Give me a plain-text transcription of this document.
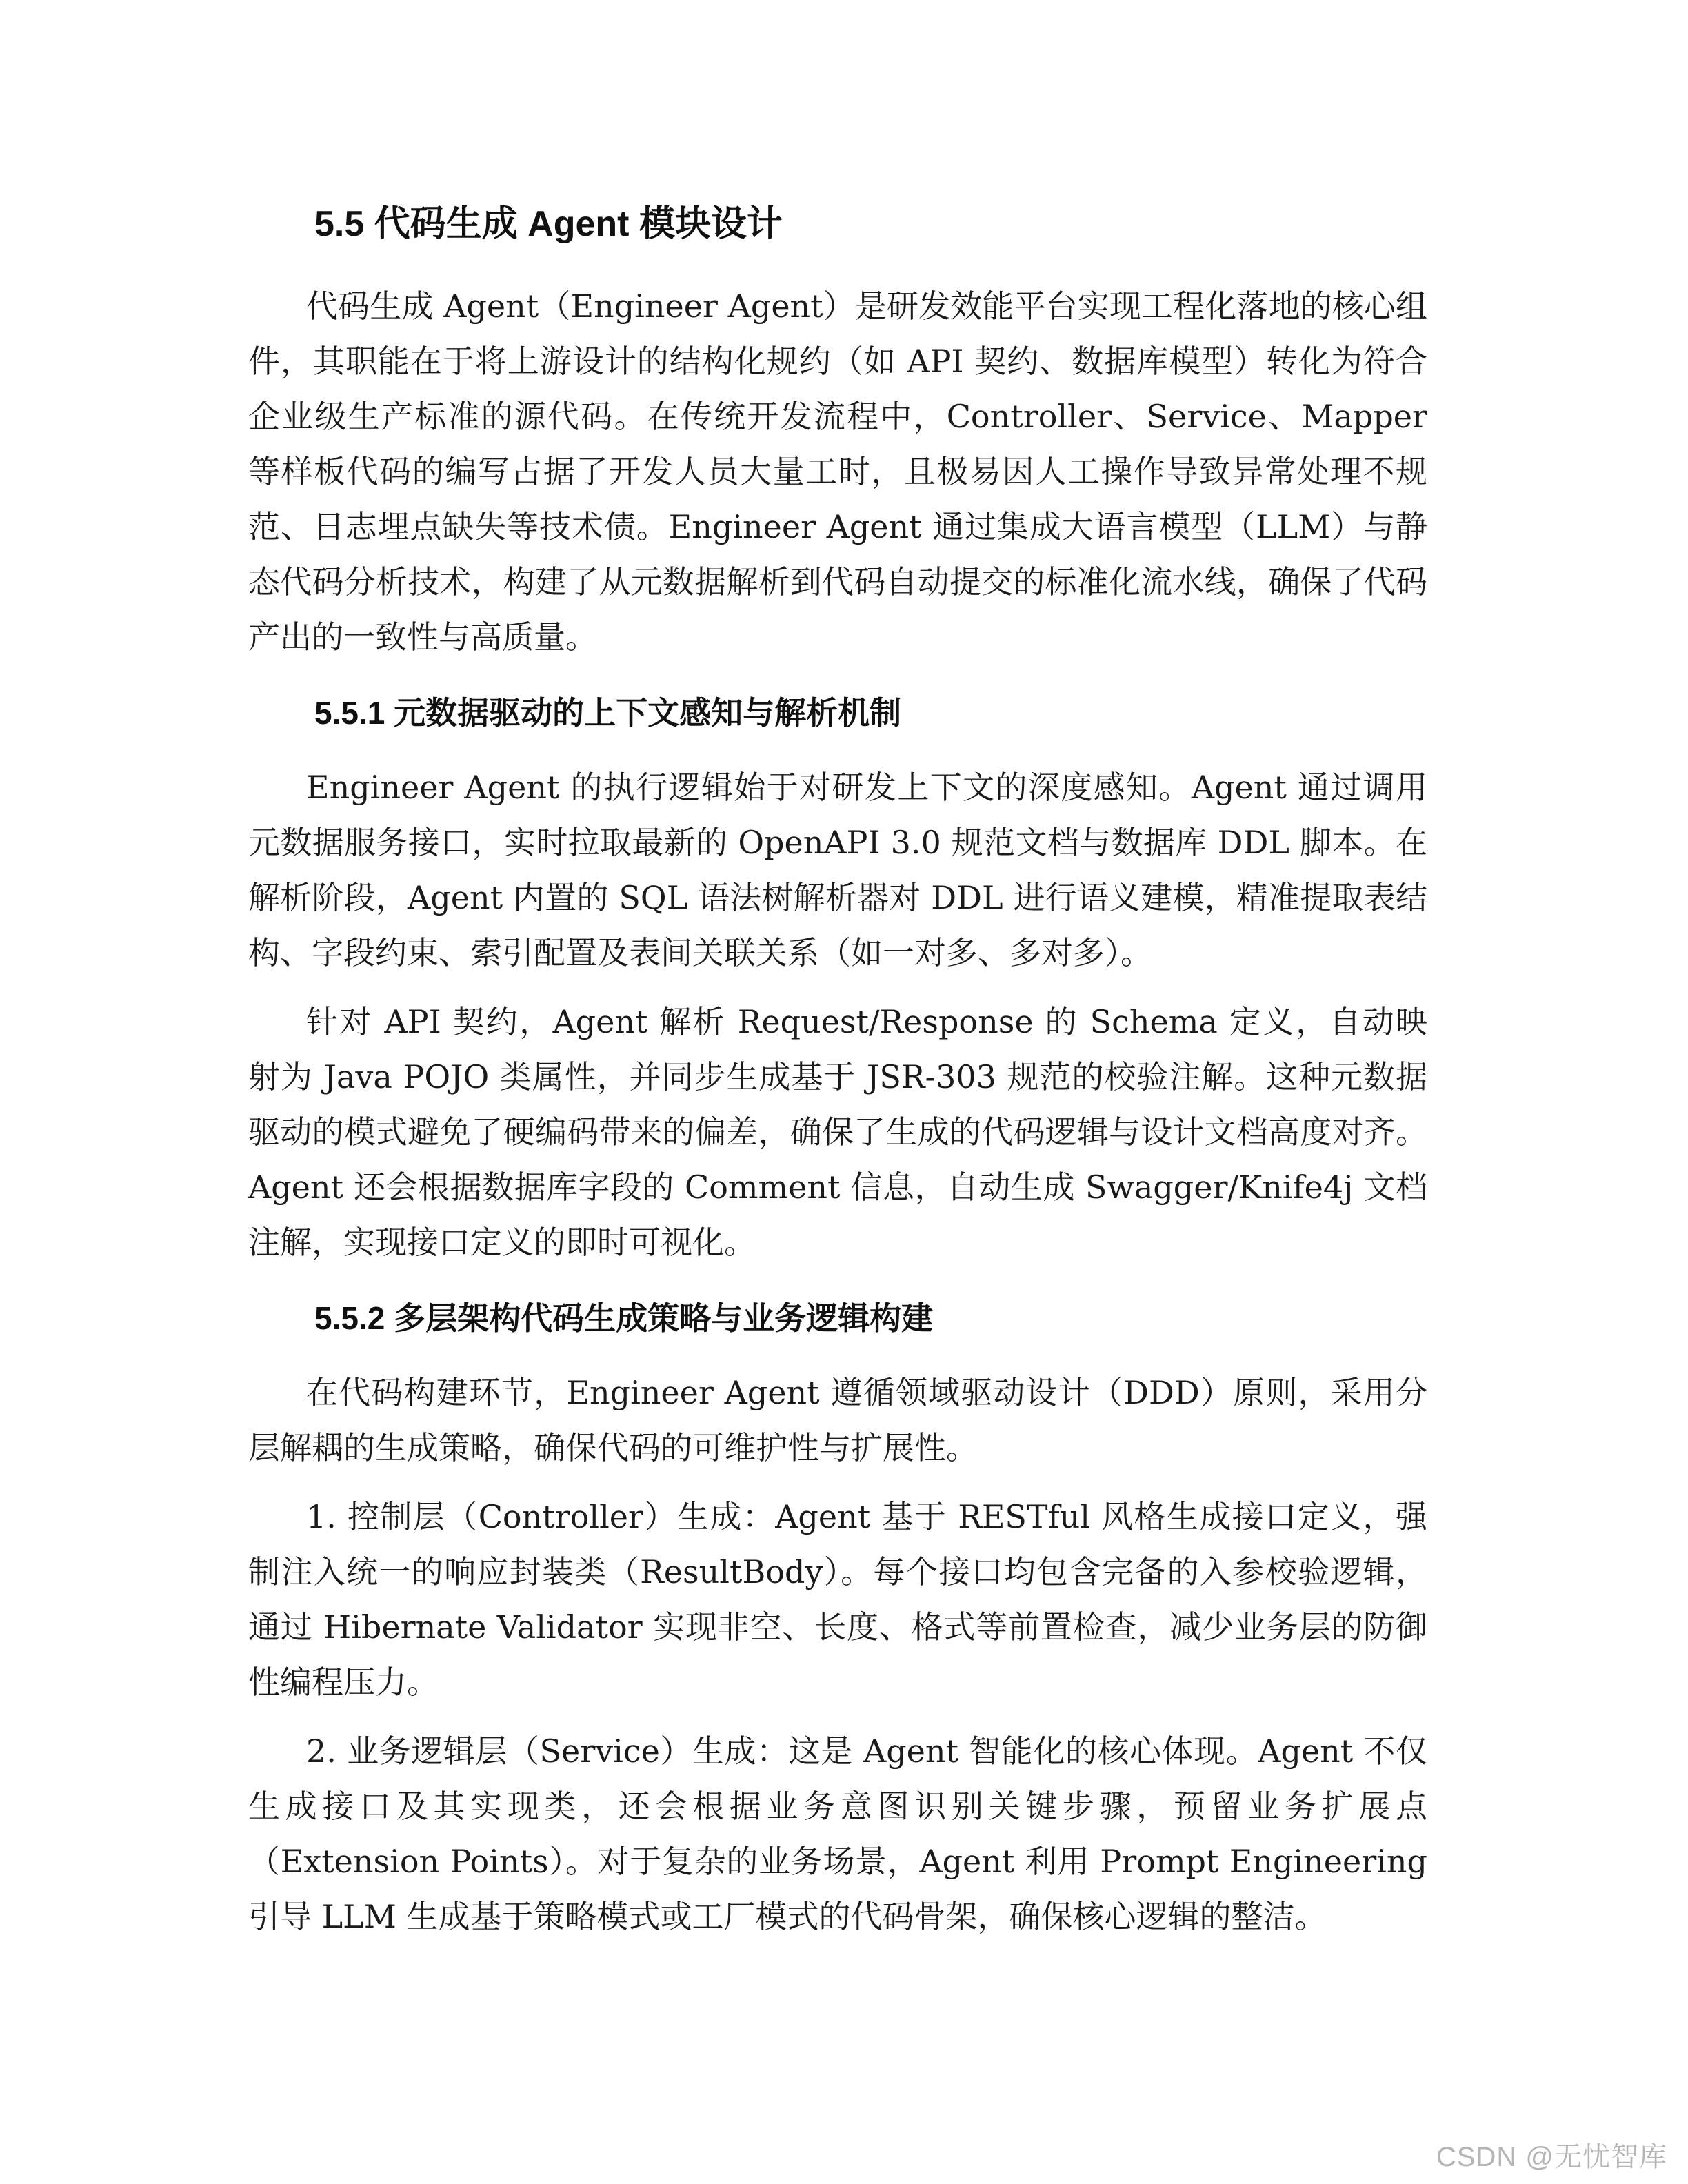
5.5 代码生成 Agent 模块设计

代码生成 Agent（Engineer Agent）是研发效能平台实现工程化落地的核心组件，其职能在于将上游设计的结构化规约（如 API 契约、数据库模型）转化为符合企业级生产标准的源代码。在传统开发流程中，Controller、Service、Mapper 等样板代码的编写占据了开发人员大量工时，且极易因人工操作导致异常处理不规范、日志埋点缺失等技术债。Engineer Agent 通过集成大语言模型（LLM）与静态代码分析技术，构建了从元数据解析到代码自动提交的标准化流水线，确保了代码产出的一致性与高质量。

5.5.1 元数据驱动的上下文感知与解析机制

Engineer Agent 的执行逻辑始于对研发上下文的深度感知。Agent 通过调用元数据服务接口，实时拉取最新的 OpenAPI 3.0 规范文档与数据库 DDL 脚本。在解析阶段，Agent 内置的 SQL 语法树解析器对 DDL 进行语义建模，精准提取表结构、字段约束、索引配置及表间关联关系（如一对多、多对多）。

针对 API 契约，Agent 解析 Request/Response 的 Schema 定义，自动映射为 Java POJO 类属性，并同步生成基于 JSR-303 规范的校验注解。这种元数据驱动的模式避免了硬编码带来的偏差，确保了生成的代码逻辑与设计文档高度对齐。Agent 还会根据数据库字段的 Comment 信息，自动生成 Swagger/Knife4j 文档注解，实现接口定义的即时可视化。

5.5.2 多层架构代码生成策略与业务逻辑构建

在代码构建环节，Engineer Agent 遵循领域驱动设计（DDD）原则，采用分层解耦的生成策略，确保代码的可维护性与扩展性。

1. 控制层（Controller）生成：Agent 基于 RESTful 风格生成接口定义，强制注入统一的响应封装类（ResultBody）。每个接口均包含完备的入参校验逻辑，通过 Hibernate Validator 实现非空、长度、格式等前置检查，减少业务层的防御性编程压力。

2. 业务逻辑层（Service）生成：这是 Agent 智能化的核心体现。Agent 不仅生成接口及其实现类，还会根据业务意图识别关键步骤，预留业务扩展点（Extension Points）。对于复杂的业务场景，Agent 利用 Prompt Engineering 引导 LLM 生成基于策略模式或工厂模式的代码骨架，确保核心逻辑的整洁。

CSDN @无忧智库
